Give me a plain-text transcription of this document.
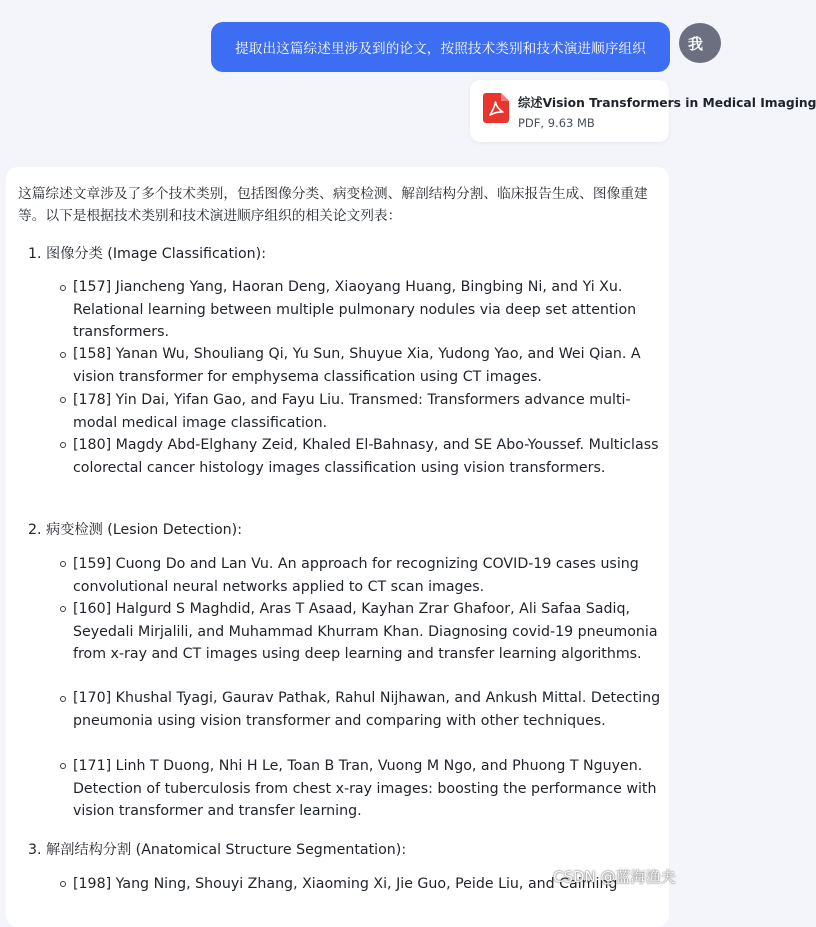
提取出这篇综述里涉及到的论文，按照技术类别和技术演进顺序组织	我
综述Vision Transformers in Medical Imaging
PDF, 9.63 MB
这篇综述文章涉及了多个技术类别，包括图像分类、病变检测、解剖结构分割、临床报告生成、图像重建等。以下是根据技术类别和技术演进顺序组织的相关论文列表：
1. 图像分类 (Image Classification):
[157] Jiancheng Yang, Haoran Deng, Xiaoyang Huang, Bingbing Ni, and Yi Xu. Relational learning between multiple pulmonary nodules via deep set attention transformers.
[158] Yanan Wu, Shouliang Qi, Yu Sun, Shuyue Xia, Yudong Yao, and Wei Qian. A vision transformer for emphysema classification using CT images.
[178] Yin Dai, Yifan Gao, and Fayu Liu. Transmed: Transformers advance multi-modal medical image classification.
[180] Magdy Abd-Elghany Zeid, Khaled El-Bahnasy, and SE Abo-Youssef. Multiclass colorectal cancer histology images classification using vision transformers.
2. 病变检测 (Lesion Detection):
[159] Cuong Do and Lan Vu. An approach for recognizing COVID-19 cases using convolutional neural networks applied to CT scan images.
[160] Halgurd S Maghdid, Aras T Asaad, Kayhan Zrar Ghafoor, Ali Safaa Sadiq, Seyedali Mirjalili, and Muhammad Khurram Khan. Diagnosing covid-19 pneumonia from x-ray and CT images using deep learning and transfer learning algorithms.
[170] Khushal Tyagi, Gaurav Pathak, Rahul Nijhawan, and Ankush Mittal. Detecting pneumonia using vision transformer and comparing with other techniques.
[171] Linh T Duong, Nhi H Le, Toan B Tran, Vuong M Ngo, and Phuong T Nguyen. Detection of tuberculosis from chest x-ray images: boosting the performance with vision transformer and transfer learning.
3. 解剖结构分割 (Anatomical Structure Segmentation):
[198] Yang Ning, Shouyi Zhang, Xiaoming Xi, Jie Guo, Peide Liu, and Caiming
CSDN @蓝海渔夫
